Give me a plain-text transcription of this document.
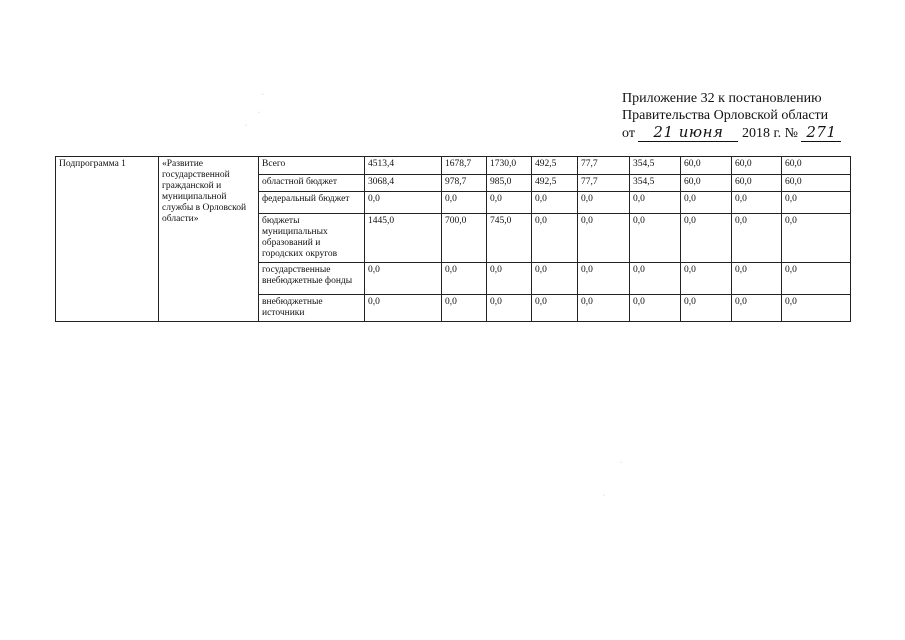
Приложение 32 к постановлению
Правительства Орловской области
от 21 июня 2018 г. № 271
Подпрограмма 1	«Развитие государственной гражданской и муниципальной службы в Орловской области»	Всего	4513,4	1678,7	1730,0	492,5	77,7	354,5	60,0	60,0	60,0
		областной бюджет	3068,4	978,7	985,0	492,5	77,7	354,5	60,0	60,0	60,0
		федеральный бюджет	0,0	0,0	0,0	0,0	0,0	0,0	0,0	0,0	0,0
		бюджеты муниципальных образований и городских округов	1445,0	700,0	745,0	0,0	0,0	0,0	0,0	0,0	0,0
		государственные внебюджетные фонды	0,0	0,0	0,0	0,0	0,0	0,0	0,0	0,0	0,0
		внебюджетные источники	0,0	0,0	0,0	0,0	0,0	0,0	0,0	0,0	0,0
·
·
·
·
·
